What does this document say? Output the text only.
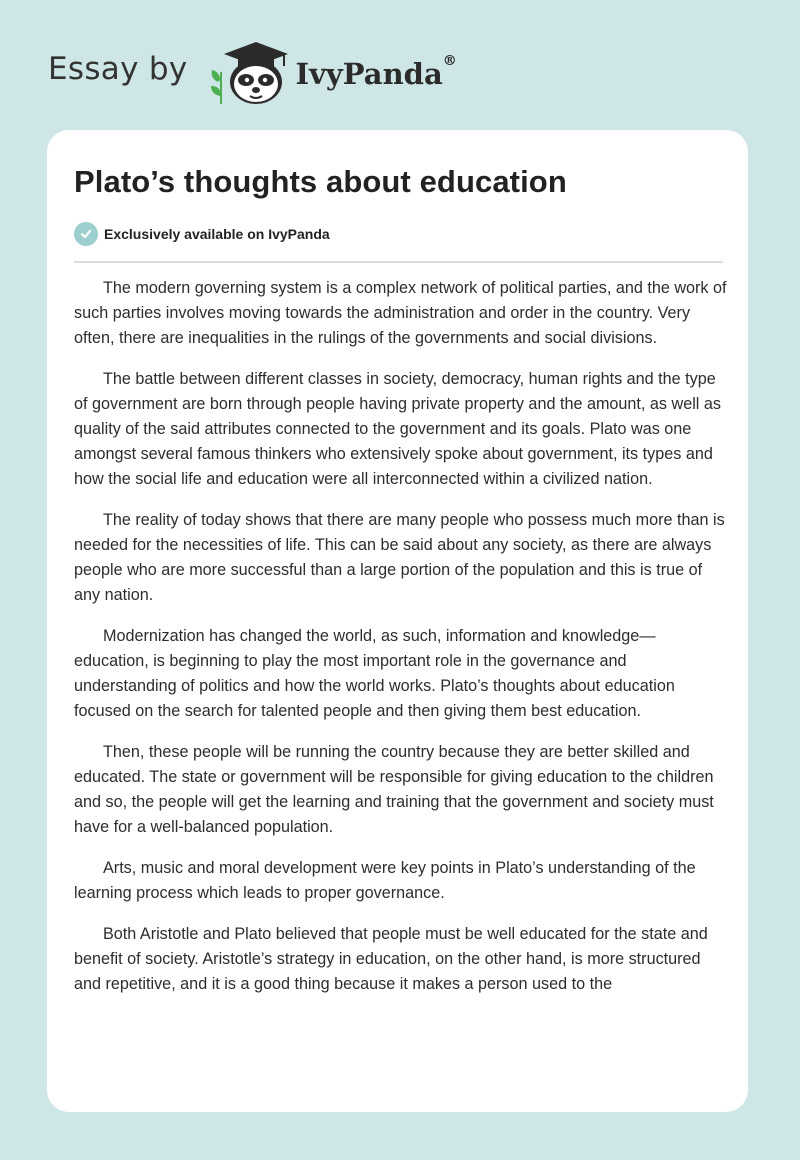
Essay by	IvyPanda®
Plato’s thoughts about education
Exclusively available on IvyPanda

The modern governing system is a complex network of political parties, and the work of such parties involves moving towards the administration and order in the country. Very often, there are inequalities in the rulings of the governments and social divisions.

The battle between different classes in society, democracy, human rights and the type of government are born through people having private property and the amount, as well as quality of the said attributes connected to the government and its goals. Plato was one amongst several famous thinkers who extensively spoke about government, its types and how the social life and education were all interconnected within a civilized nation.

The reality of today shows that there are many people who possess much more than is needed for the necessities of life. This can be said about any society, as there are always people who are more successful than a large portion of the population and this is true of any nation.

Modernization has changed the world, as such, information and knowledge—education, is beginning to play the most important role in the governance and understanding of politics and how the world works. Plato’s thoughts about education focused on the search for talented people and then giving them best education.

Then, these people will be running the country because they are better skilled and educated. The state or government will be responsible for giving education to the children and so, the people will get the learning and training that the government and society must have for a well-balanced population.

Arts, music and moral development were key points in Plato’s understanding of the learning process which leads to proper governance.

Both Aristotle and Plato believed that people must be well educated for the state and benefit of society. Aristotle’s strategy in education, on the other hand, is more structured and repetitive, and it is a good thing because it makes a person used to the
